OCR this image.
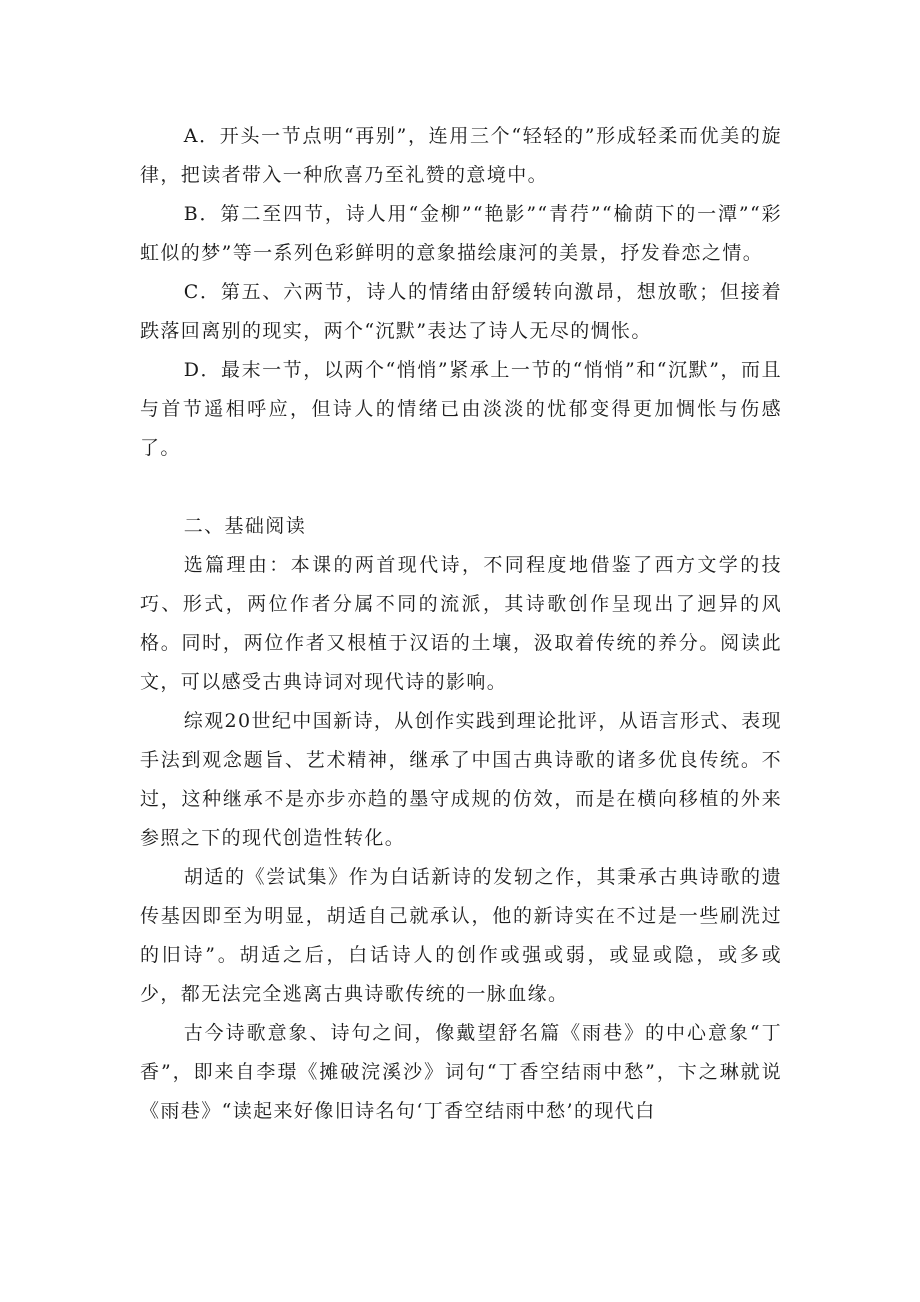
A．开头一节点明“再别”，连用三个“轻轻的”形成轻柔而优美的旋律，把读者带入一种欣喜乃至礼赞的意境中。

B．第二至四节，诗人用“金柳”“艳影”“青荇”“榆荫下的一潭”“彩虹似的梦”等一系列色彩鲜明的意象描绘康河的美景，抒发眷恋之情。

C．第五、六两节，诗人的情绪由舒缓转向激昂，想放歌；但接着跌落回离别的现实，两个“沉默”表达了诗人无尽的惆怅。

D．最末一节，以两个“悄悄”紧承上一节的“悄悄”和“沉默”，而且与首节遥相呼应，但诗人的情绪已由淡淡的忧郁变得更加惆怅与伤感了。

二、基础阅读

选篇理由：本课的两首现代诗，不同程度地借鉴了西方文学的技巧、形式，两位作者分属不同的流派，其诗歌创作呈现出了迥异的风格。同时，两位作者又根植于汉语的土壤，汲取着传统的养分。阅读此文，可以感受古典诗词对现代诗的影响。

综观20世纪中国新诗，从创作实践到理论批评，从语言形式、表现手法到观念题旨、艺术精神，继承了中国古典诗歌的诸多优良传统。不过，这种继承不是亦步亦趋的墨守成规的仿效，而是在横向移植的外来参照之下的现代创造性转化。

胡适的《尝试集》作为白话新诗的发轫之作，其秉承古典诗歌的遗传基因即至为明显，胡适自己就承认，他的新诗实在不过是一些刷洗过的旧诗”。胡适之后，白话诗人的创作或强或弱，或显或隐，或多或少，都无法完全逃离古典诗歌传统的一脉血缘。

古今诗歌意象、诗句之间，像戴望舒名篇《雨巷》的中心意象“丁香”，即来自李璟《摊破浣溪沙》词句“丁香空结雨中愁”，卞之琳就说《雨巷》“读起来好像旧诗名句‘丁香空结雨中愁’的现代白
